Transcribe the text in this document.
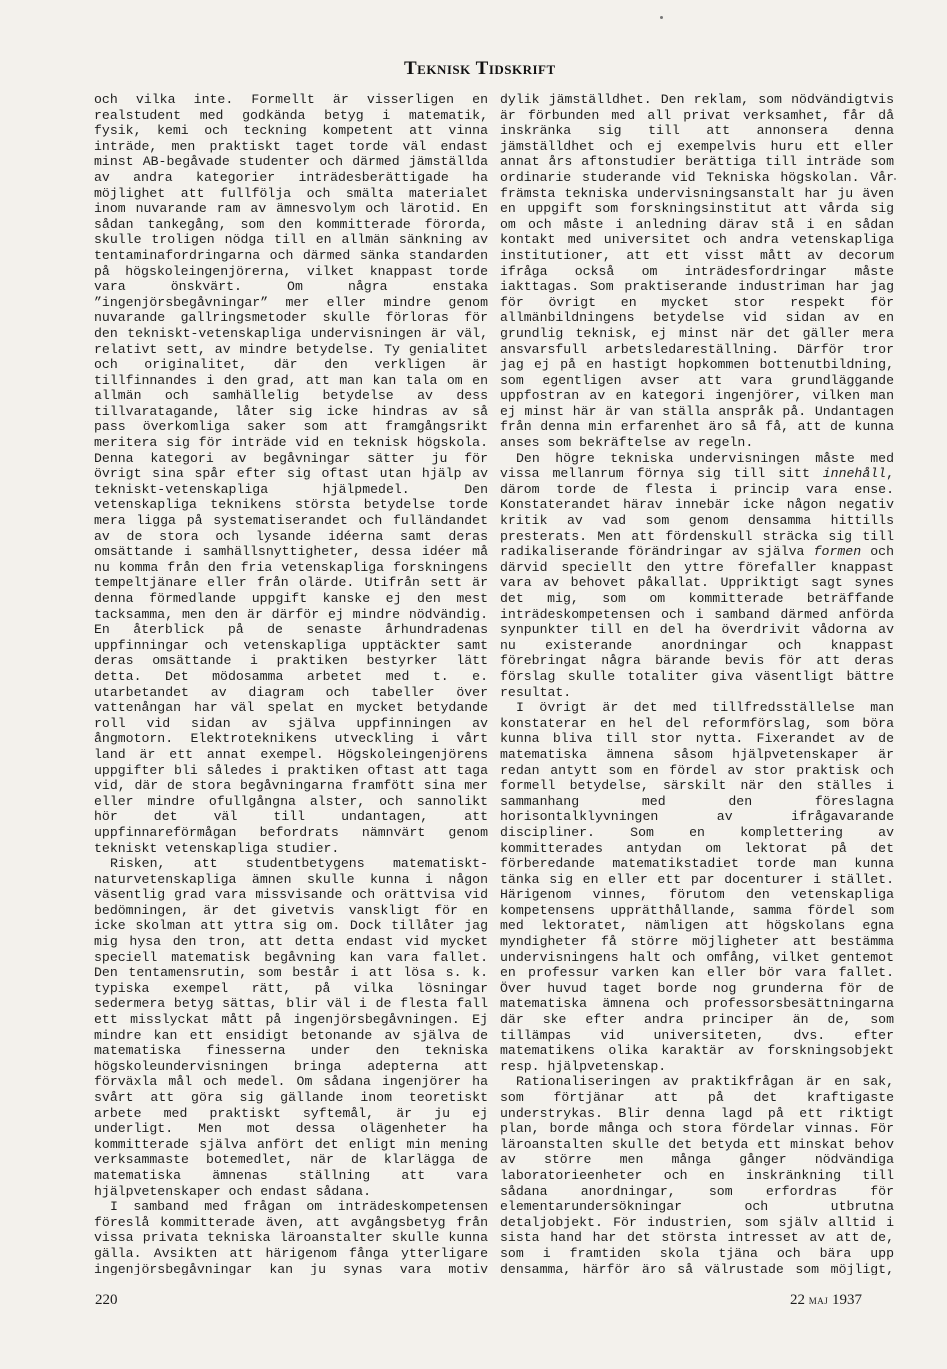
Teknisk Tidskrift

och vilka inte. Formellt är visserligen en realstudent med godkända betyg i matematik, fysik, kemi och teckning kompetent att vinna inträde, men praktiskt taget torde väl endast minst AB-begåvade studenter och därmed jämställda av andra kategorier inträdesberättigade ha möjlighet att fullfölja och smälta materialet inom nuvarande ram av ämnesvolym och lärotid. En sådan tankegång, som den kommitterade förorda, skulle troligen nödga till en allmän sänkning av tentaminafordringarna och därmed sänka standarden på högskoleingenjörerna, vilket knappast torde vara önskvärt. Om några enstaka ”ingenjörsbegåvningar” mer eller mindre genom nuvarande gallringsmetoder skulle förloras för den tekniskt-vetenskapliga undervisningen är väl, relativt sett, av mindre betydelse. Ty genialitet och originalitet, där den verkligen är tillfinnandes i den grad, att man kan tala om en allmän och samhällelig betydelse av dess tillvaratagande, låter sig icke hindras av så pass överkomliga saker som att framgångsrikt meritera sig för inträde vid en teknisk högskola. Denna kategori av begåvningar sätter ju för övrigt sina spår efter sig oftast utan hjälp av tekniskt-vetenskapliga hjälpmedel. Den vetenskapliga teknikens största betydelse torde mera ligga på systematiserandet och fulländandet av de stora och lysande idéerna samt deras omsättande i samhällsnyttigheter, dessa idéer må nu komma från den fria vetenskapliga forskningens tempeltjänare eller från olärde. Utifrån sett är denna förmedlande uppgift kanske ej den mest tacksamma, men den är därför ej mindre nödvändig. En återblick på de senaste århundradenas uppfinningar och vetenskapliga upptäckter samt deras omsättande i praktiken bestyrker lätt detta. Det mödosamma arbetet med t. e. utarbetandet av diagram och tabeller över vattenångan har väl spelat en mycket betydande roll vid sidan av själva uppfinningen av ångmotorn. Elektroteknikens utveckling i vårt land är ett annat exempel. Högskoleingenjörens uppgifter bli således i praktiken oftast att taga vid, där de stora begåvningarna framfött sina mer eller mindre ofullgångna alster, och sannolikt hör det väl till undantagen, att uppfinnareförmågan befordrats nämnvärt genom tekniskt vetenskapliga studier.

Risken, att studentbetygens matematiskt-naturvetenskapliga ämnen skulle kunna i någon väsentlig grad vara missvisande och orättvisa vid bedömningen, är det givetvis vanskligt för en icke skolman att yttra sig om. Dock tillåter jag mig hysa den tron, att detta endast vid mycket speciell matematisk begåvning kan vara fallet. Den tentamensrutin, som består i att lösa s. k. typiska exempel rätt, på vilka lösningar sedermera betyg sättas, blir väl i de flesta fall ett misslyckat mått på ingenjörsbegåvningen. Ej mindre kan ett ensidigt betonande av själva de matematiska finesserna under den tekniska högskoleundervisningen bringa adepterna att förväxla mål och medel. Om sådana ingenjörer ha svårt att göra sig gällande inom teoretiskt arbete med praktiskt syftemål, är ju ej underligt. Men mot dessa olägenheter ha kommitterade själva anfört det enligt min mening verksammaste botemedlet, när de klarlägga de matematiska ämnenas ställning att vara hjälpvetenskaper och endast sådana.

I samband med frågan om inträdeskompetensen föreslå kommitterade även, att avgångsbetyg från vissa privata tekniska läroanstalter skulle kunna gälla. Avsikten att härigenom fånga ytterligare ingenjörsbegåvningar kan ju synas vara motiv

dylik jämställdhet. Den reklam, som nödvändigtvis är förbunden med all privat verksamhet, får då inskränka sig till att annonsera denna jämställdhet och ej exempelvis huru ett eller annat års aftonstudier berättiga till inträde som ordinarie studerande vid Tekniska högskolan. Vår främsta tekniska undervisningsanstalt har ju även en uppgift som forskningsinstitut att vårda sig om och måste i anledning därav stå i en sådan kontakt med universitet och andra vetenskapliga institutioner, att ett visst mått av decorum ifråga också om inträdesfordringar måste iakttagas. Som praktiserande industriman har jag för övrigt en mycket stor respekt för allmänbildningens betydelse vid sidan av en grundlig teknisk, ej minst när det gäller mera ansvarsfull arbetsledareställning. Därför tror jag ej på en hastigt hopkommen bottenutbildning, som egentligen avser att vara grundläggande uppfostran av en kategori ingenjörer, vilken man ej minst här är van ställa anspråk på. Undantagen från denna min erfarenhet äro så få, att de kunna anses som bekräftelse av regeln.

Den högre tekniska undervisningen måste med vissa mellanrum förnya sig till sitt innehåll, därom torde de flesta i princip vara ense. Konstaterandet härav innebär icke någon negativ kritik av vad som genom densamma hittills presterats. Men att fördenskull sträcka sig till radikaliserande förändringar av själva formen och därvid speciellt den yttre förefaller knappast vara av behovet påkallat. Uppriktigt sagt synes det mig, som om kommitterade beträffande inträdeskompetensen och i samband därmed anförda synpunkter till en del ha överdrivit vådorna av nu existerande anordningar och knappast förebringat några bärande bevis för att deras förslag skulle totaliter giva väsentligt bättre resultat.

I övrigt är det med tillfredsställelse man konstaterar en hel del reformförslag, som böra kunna bliva till stor nytta. Fixerandet av de matematiska ämnena såsom hjälpvetenskaper är redan antytt som en fördel av stor praktisk och formell betydelse, särskilt när den ställes i sammanhang med den föreslagna horisontalklyvningen av ifrågavarande discipliner. Som en komplettering av kommitterades antydan om lektorat på det förberedande matematikstadiet torde man kunna tänka sig en eller ett par docenturer i stället. Härigenom vinnes, förutom den vetenskapliga kompetensens upprätthållande, samma fördel som med lektoratet, nämligen att högskolans egna myndigheter få större möjligheter att bestämma undervisningens halt och omfång, vilket gentemot en professur varken kan eller bör vara fallet. Över huvud taget borde nog grunderna för de matematiska ämnena och professorsbesättningarna där ske efter andra principer än de, som tillämpas vid universiteten, dvs. efter matematikens olika karaktär av forskningsobjekt resp. hjälpvetenskap.

Rationaliseringen av praktikfrågan är en sak, som förtjänar att på det kraftigaste understrykas. Blir denna lagd på ett riktigt plan, borde många och stora fördelar vinnas. För läroanstalten skulle det betyda ett minskat behov av större men många gånger nödvändiga laboratorieenheter och en inskränkning till sådana anordningar, som erfordras för elementarundersökningar och utbrutna detaljobjekt. För industrien, som själv alltid i sista hand har det största intresset av att de, som i framtiden skola tjäna och bära upp densamma, härför äro så välrustade som möjligt,

220	22 maj 1937
